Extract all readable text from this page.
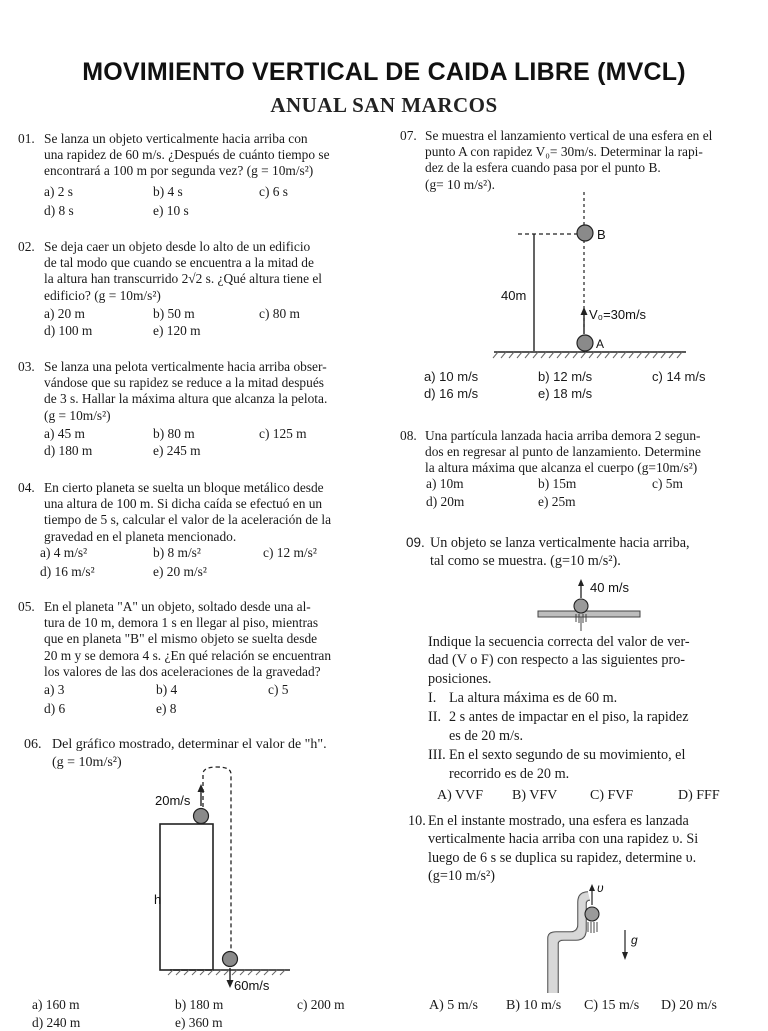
MOVIMIENTO VERTICAL DE CAIDA LIBRE (MVCL)
ANUAL SAN MARCOS
01. Se lanza un objeto verticalmente hacia arriba con
una rapidez de 60 m/s. ¿Después de cuánto tiempo se
encontrará a 100 m por segunda vez? (g = 10m/s²)
a) 2 s	b) 4 s	c) 6 s
d) 8 s	e) 10 s
02. Se deja caer un objeto desde lo alto de un edificio
de tal modo que cuando se encuentra a la mitad de
la altura han transcurrido 2√2 s. ¿Qué altura tiene el
edificio? (g = 10m/s²)
a) 20 m	b) 50 m	c) 80 m
d) 100 m	e) 120 m
03. Se lanza una pelota verticalmente hacia arriba obser-
vándose que su rapidez se reduce a la mitad después
de 3 s. Hallar la máxima altura que alcanza la pelota.
(g = 10m/s²)
a) 45 m	b) 80 m	c) 125 m
d) 180 m	e) 245 m
04. En cierto planeta se suelta un bloque metálico desde
una altura de 100 m. Si dicha caída se efectuó en un
tiempo de 5 s, calcular el valor de la aceleración de la
gravedad en el planeta mencionado.
a) 4 m/s²	b) 8 m/s²	c) 12 m/s²
d) 16 m/s²	e) 20 m/s²
05. En el planeta "A" un objeto, soltado desde una al-
tura de 10 m, demora 1 s en llegar al piso, mientras
que en planeta "B" el mismo objeto se suelta desde
20 m y se demora 4 s. ¿En qué relación se encuentran
los valores de las dos aceleraciones de la gravedad?
a) 3	b) 4	c) 5
d) 6	e) 8
06. Del gráfico mostrado, determinar el valor de "h".
(g = 10m/s²)
20m/s
h
60m/s
a) 160 m	b) 180 m	c) 200 m
d) 240 m	e) 360 m
07. Se muestra el lanzamiento vertical de una esfera en el
punto A con rapidez V₀= 30m/s. Determinar la rapi-
dez de la esfera cuando pasa por el punto B.
(g= 10 m/s²).
40m
B
V₀=30m/s
A
a) 10 m/s	b) 12 m/s	c) 14 m/s
d) 16 m/s	e) 18 m/s
08. Una partícula lanzada hacia arriba demora 2 segun-
dos en regresar al punto de lanzamiento. Determine
la altura máxima que alcanza el cuerpo (g=10m/s²)
a) 10m	b) 15m	c) 5m
d) 20m	e) 25m
09. Un objeto se lanza verticalmente hacia arriba,
tal como se muestra. (g=10 m/s²).
40 m/s
Indique la secuencia correcta del valor de ver-
dad (V o F) con respecto a las siguientes pro-
posiciones.
I. La altura máxima es de 60 m.
II. 2 s antes de impactar en el piso, la rapidez
es de 20 m/s.
III. En el sexto segundo de su movimiento, el
recorrido es de 20 m.
A) VVF B) VFV C) FVF	D) FFF
10. En el instante mostrado, una esfera es lanzada
verticalmente hacia arriba con una rapidez υ. Si
luego de 6 s se duplica su rapidez, determine υ.
(g=10 m/s²)
υ
g
A) 5 m/s B) 10 m/s C) 15 m/s D) 20 m/s
